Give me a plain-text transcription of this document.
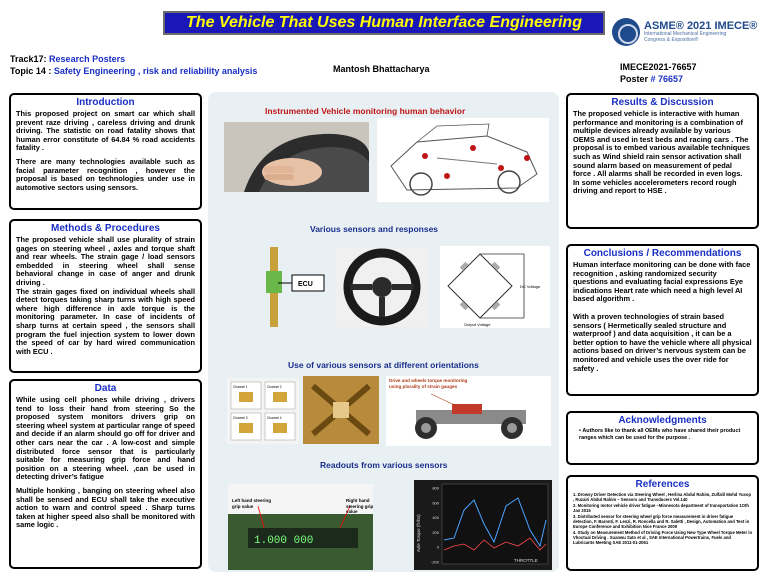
The Vehicle That Uses Human Interface Engineering	ASME® 2021 IMECE®
International Mechanical Engineering
Congress & Exposition®
Track17: Research Posters
Topic 14 : Safety Engineering , risk and reliability analysis	Mantosh Bhattacharya	IMECE2021-76657
Poster # 76657
Introduction

This proposed project on smart car which shall prevent raze driving , careless driving and drunk driving. The statistic on road fatality shows that human error constitute of 64.84 % road accidents fatality .

There are many technologies available such as facial parameter recognition , however the proposal is based on technologies under use in automotive sectors using sensors.

Methods & Procedures

The proposed vehicle shall use plurality of strain gages on steering wheel , axles and torque shaft and rear wheels. The strain gage / load sensors embedded in steering wheel shall sense behavioral change in case of anger and drunk driving .

The strain gages fixed on individual wheels shall detect torques taking sharp turns with high speed where high difference in axle torque is the monitoring parameter. In case of incidents of sharp turns at certain speed , the sensors shall program the fuel injection system to lower down the speed of car by hard wired communication with ECU .

Data

While using cell phones while driving , drivers tend to loss their hand from steering So the proposed system monitors drivers grip on steering wheel system at particular range of speed and decide if an alarm should go off for driver and other cars near the car . A low-cost and simple distributed force sensor that is particularly suitable for measuring grip force and hand position on a steering wheel. ,can be used in detecting driver’s fatigue

Multiple honking , banging on steering wheel also shall be sensed and ECU shall take the executive action to warn and control speed . Sharp turns taken at higher speed also shall be monitored with same logic .

Instrumented Vehicle monitoring human behavior
Various sensors and responses
ECU	DC Voltage
Output Voltage
Use of various sensors at different orientations
Channel 1	Channel 2
Channel 3	Channel 4
Drive and wheels torque monitoring using plurality of strain gauges
Readouts from various sensors
1.000 000
Left hand steering grip value
Right hand steering grip value
800
600
400
200
0
-200
Axle Torque (ft-lbs)
THROTTLE
Results & Discussion

The proposed vehicle is interactive with human performance and monitoring is a combination of multiple devices already available by various OEMS and used in test beds and racing cars . The proposal is to embed various available techniques such as Wind shield rain sensor activation shall sound alarm based on measurement of pedal force . All alarms shall be recorded in even logs.

In some vehicles accelerometers record rough driving and report to HSE .

Conclusions / Recommendations

Human interface monitoring can be done with face recognition , asking randomized security questions and evaluating facial expressions Eye indications Heart rate which need a high level AI based algorithm .

With a proven technologies of strain based sensors ( Hermetically sealed structure and waterproof ) and data acquisition , it can be a better option to have the vehicle where all physical actions based on driver’s nervous system can be monitored and vehicle uses the over ride for safety .

Acknowledgments

• Authors like to thank all OEMs who have shared their product ranges which can be used for the purpose .

References

1. Drowsy Driver Detection via Steering Wheel , Herlina Abdul Rahim, Zulfalil Mohd Yusop , Ruzairi Abdul Rahim – Sensors and Transducers Vol.140

2. Monitoring motor vehicle driver fatigue –Minnesota department of transportation 1Oth Jan 2015

3. Distributed sensor for steering wheel grip force measurement in driver fatigue detection, F. Baronti, F. Lenzi, R. Roncella and R. Saletti , Design, Automation and Test in Europe Conference and Exhibition Nice France 2009

4. Study on Measurement Method of Driving Force Using New Type Wheel Torque Meter in Vhoctual Driving . Xuanwu Sato et al , SAE International Powertrains, Fuels and Lubricants Meeting SAE 2011-01-2061
